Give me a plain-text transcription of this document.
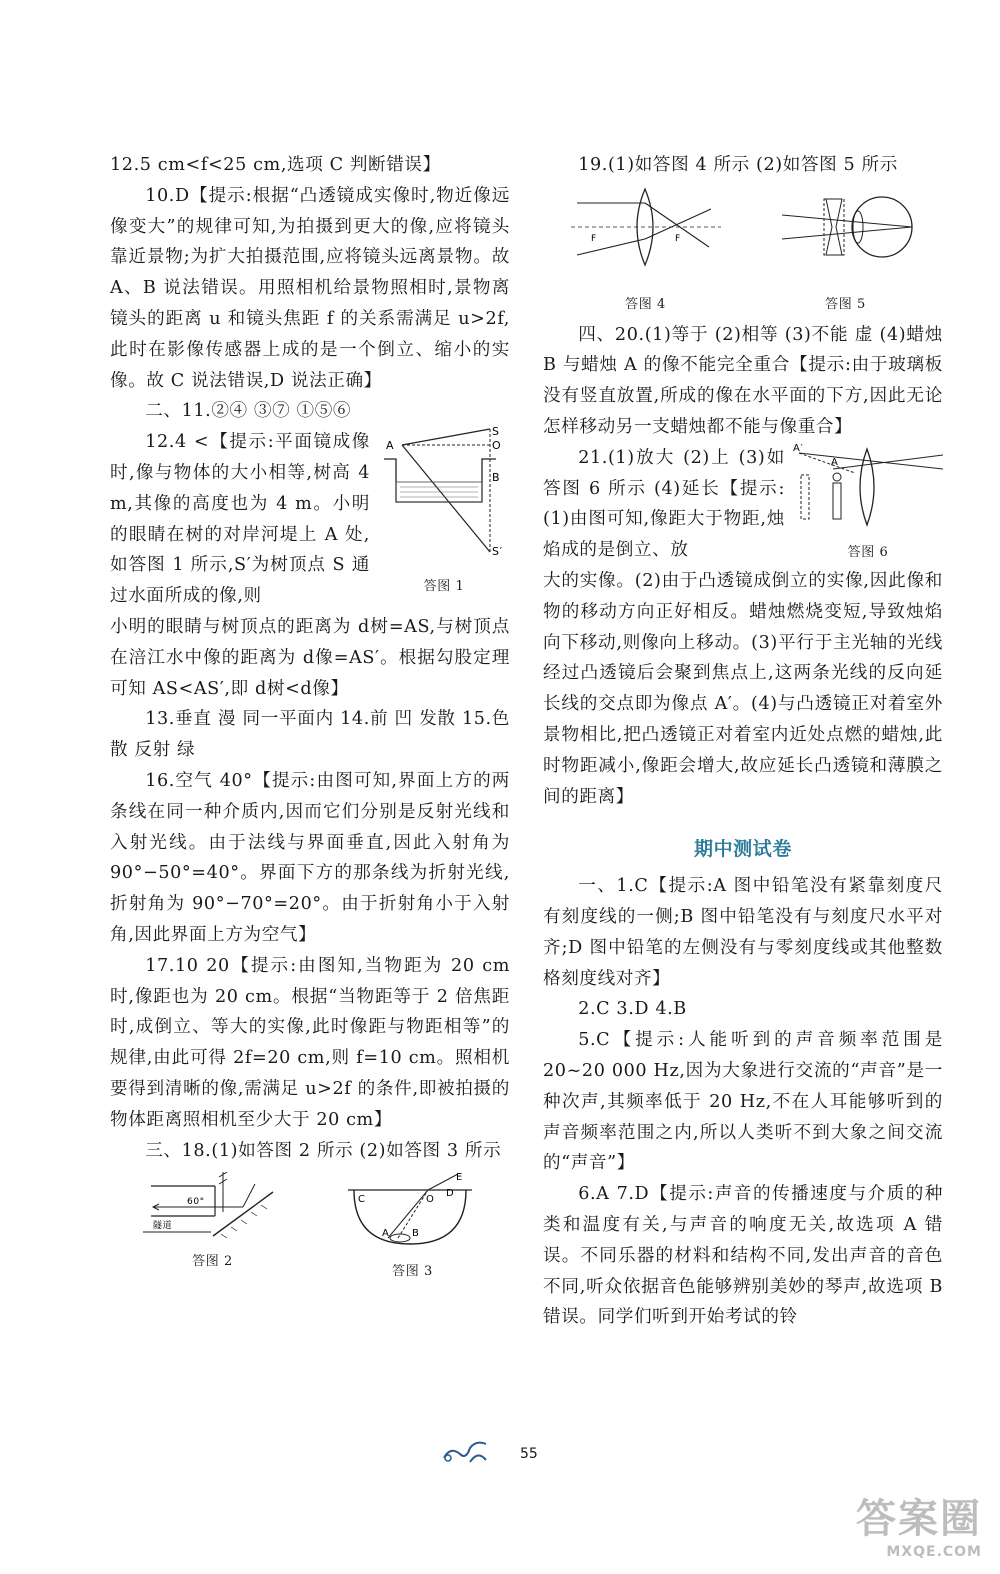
12.5 cm<f<25 cm,选项 C 判断错误】

10.D【提示:根据“凸透镜成实像时,物近像远像变大”的规律可知,为拍摄到更大的像,应将镜头靠近景物;为扩大拍摄范围,应将镜头远离景物。故 A、B 说法错误。用照相机给景物照相时,景物离镜头的距离 u 和镜头焦距 f 的关系需满足 u>2f,此时在影像传感器上成的是一个倒立、缩小的实像。故 C 说法错误,D 说法正确】

二、11.②④ ③⑦ ①⑤⑥

12.4 <【提示:平面镜成像时,像与物体的大小相等,树高 4 m,其像的高度也为 4 m。小明的眼睛在树的对岸河堤上 A 处,如答图 1 所示,S′为树顶点 S 通过水面所成的像,则

S
O
A
B
S′
答图 1

小明的眼睛与树顶点的距离为 d树=AS,与树顶点在涪江水中像的距离为 d像=AS′。根据勾股定理可知 AS<AS′,即 d树<d像】

13.垂直 漫 同一平面内 14.前 凹 发散 15.色散 反射 绿

16.空气 40°【提示:由图可知,界面上方的两条线在同一种介质内,因而它们分别是反射光线和入射光线。由于法线与界面垂直,因此入射角为 90°−50°=40°。界面下方的那条线为折射光线,折射角为 90°−70°=20°。由于折射角小于入射角,因此界面上方为空气】

17.10 20【提示:由图知,当物距为 20 cm 时,像距也为 20 cm。根据“当物距等于 2 倍焦距时,成倒立、等大的实像,此时像距与物距相等”的规律,由此可得 2f=20 cm,则 f=10 cm。照相机要得到清晰的像,需满足 u>2f 的条件,即被拍摄的物体距离照相机至少大于 20 cm】

三、18.(1)如答图 2 所示 (2)如答图 3 所示

60°
隧道
答图 2
E
C	O
D
A B
答图 3

19.(1)如答图 4 所示 (2)如答图 5 所示

F	F
答图 4	答图 5

四、20.(1)等于 (2)相等 (3)不能 虚 (4)蜡烛 B 与蜡烛 A 的像不能完全重合【提示:由于玻璃板没有竖直放置,所成的像在水平面的下方,因此无论怎样移动另一支蜡烛都不能与像重合】

21.(1)放大 (2)上 (3)如答图 6 所示 (4)延长【提示:(1)由图可知,像距大于物距,烛焰成的是倒立、放

A′
A
答图 6

大的实像。(2)由于凸透镜成倒立的实像,因此像和物的移动方向正好相反。蜡烛燃烧变短,导致烛焰向下移动,则像向上移动。(3)平行于主光轴的光线经过凸透镜后会聚到焦点上,这两条光线的反向延长线的交点即为像点 A′。(4)与凸透镜正对着室外景物相比,把凸透镜正对着室内近处点燃的蜡烛,此时物距减小,像距会增大,故应延长凸透镜和薄膜之间的距离】

期中测试卷

一、1.C【提示:A 图中铅笔没有紧靠刻度尺有刻度线的一侧;B 图中铅笔没有与刻度尺水平对齐;D 图中铅笔的左侧没有与零刻度线或其他整数格刻度线对齐】

2.C 3.D 4.B

5.C【提示:人能听到的声音频率范围是 20~20 000 Hz,因为大象进行交流的“声音”是一种次声,其频率低于 20 Hz,不在人耳能够听到的声音频率范围之内,所以人类听不到大象之间交流的“声音”】

6.A 7.D【提示:声音的传播速度与介质的种类和温度有关,与声音的响度无关,故选项 A 错误。不同乐器的材料和结构不同,发出声音的音色不同,听众依据音色能够辨别美妙的琴声,故选项 B 错误。同学们听到开始考试的铃

55
答案圈
MXQE.COM
